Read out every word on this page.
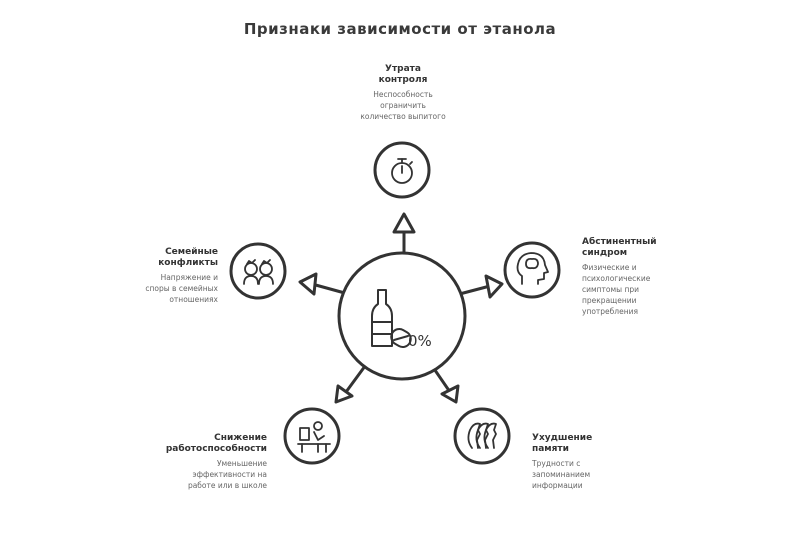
Признаки зависимости от этанола
0%
Утрата
контроля
Неспособность
ограничить
количество выпитого
Абстинентный
синдром
Физические и
психологические
симптомы при
прекращении
употребления
Ухудшение
памяти
Трудности с
запоминанием
информации
Снижение
работоспособности
Уменьшение
эффективности на
работе или в школе
Семейные
конфликты
Напряжение и
споры в семейных
отношениях
